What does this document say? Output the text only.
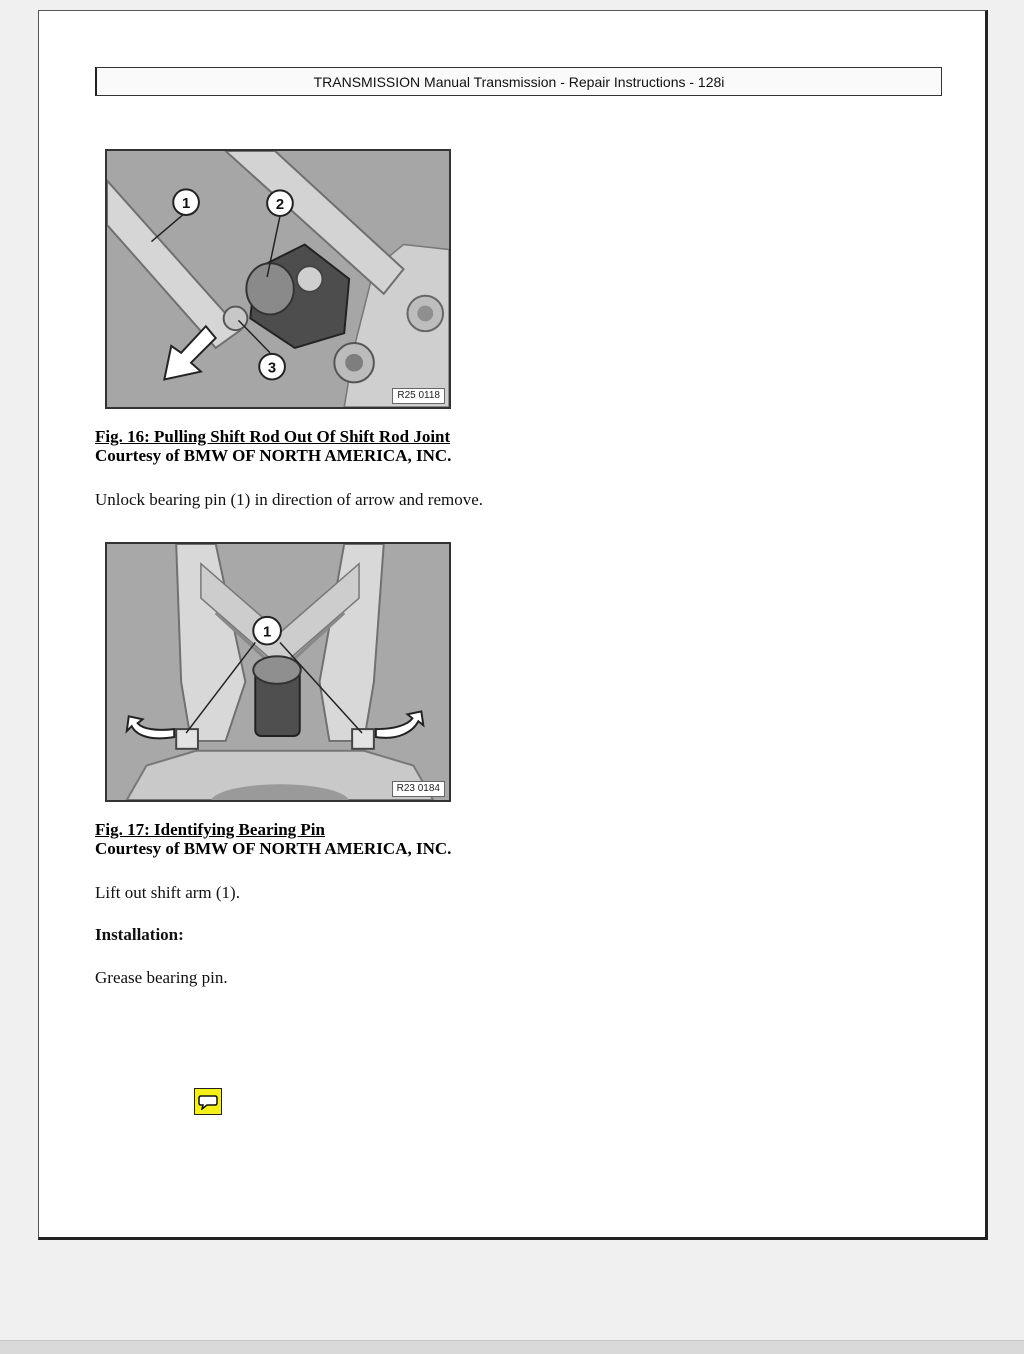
TRANSMISSION Manual Transmission - Repair Instructions - 128i
1	2
3
R25 0118
Fig. 16: Pulling Shift Rod Out Of Shift Rod Joint
Courtesy of BMW OF NORTH AMERICA, INC.
Unlock bearing pin (1) in direction of arrow and remove.
1
R23 0184
Fig. 17: Identifying Bearing Pin
Courtesy of BMW OF NORTH AMERICA, INC.
Lift out shift arm (1).
Installation:
Grease bearing pin.
